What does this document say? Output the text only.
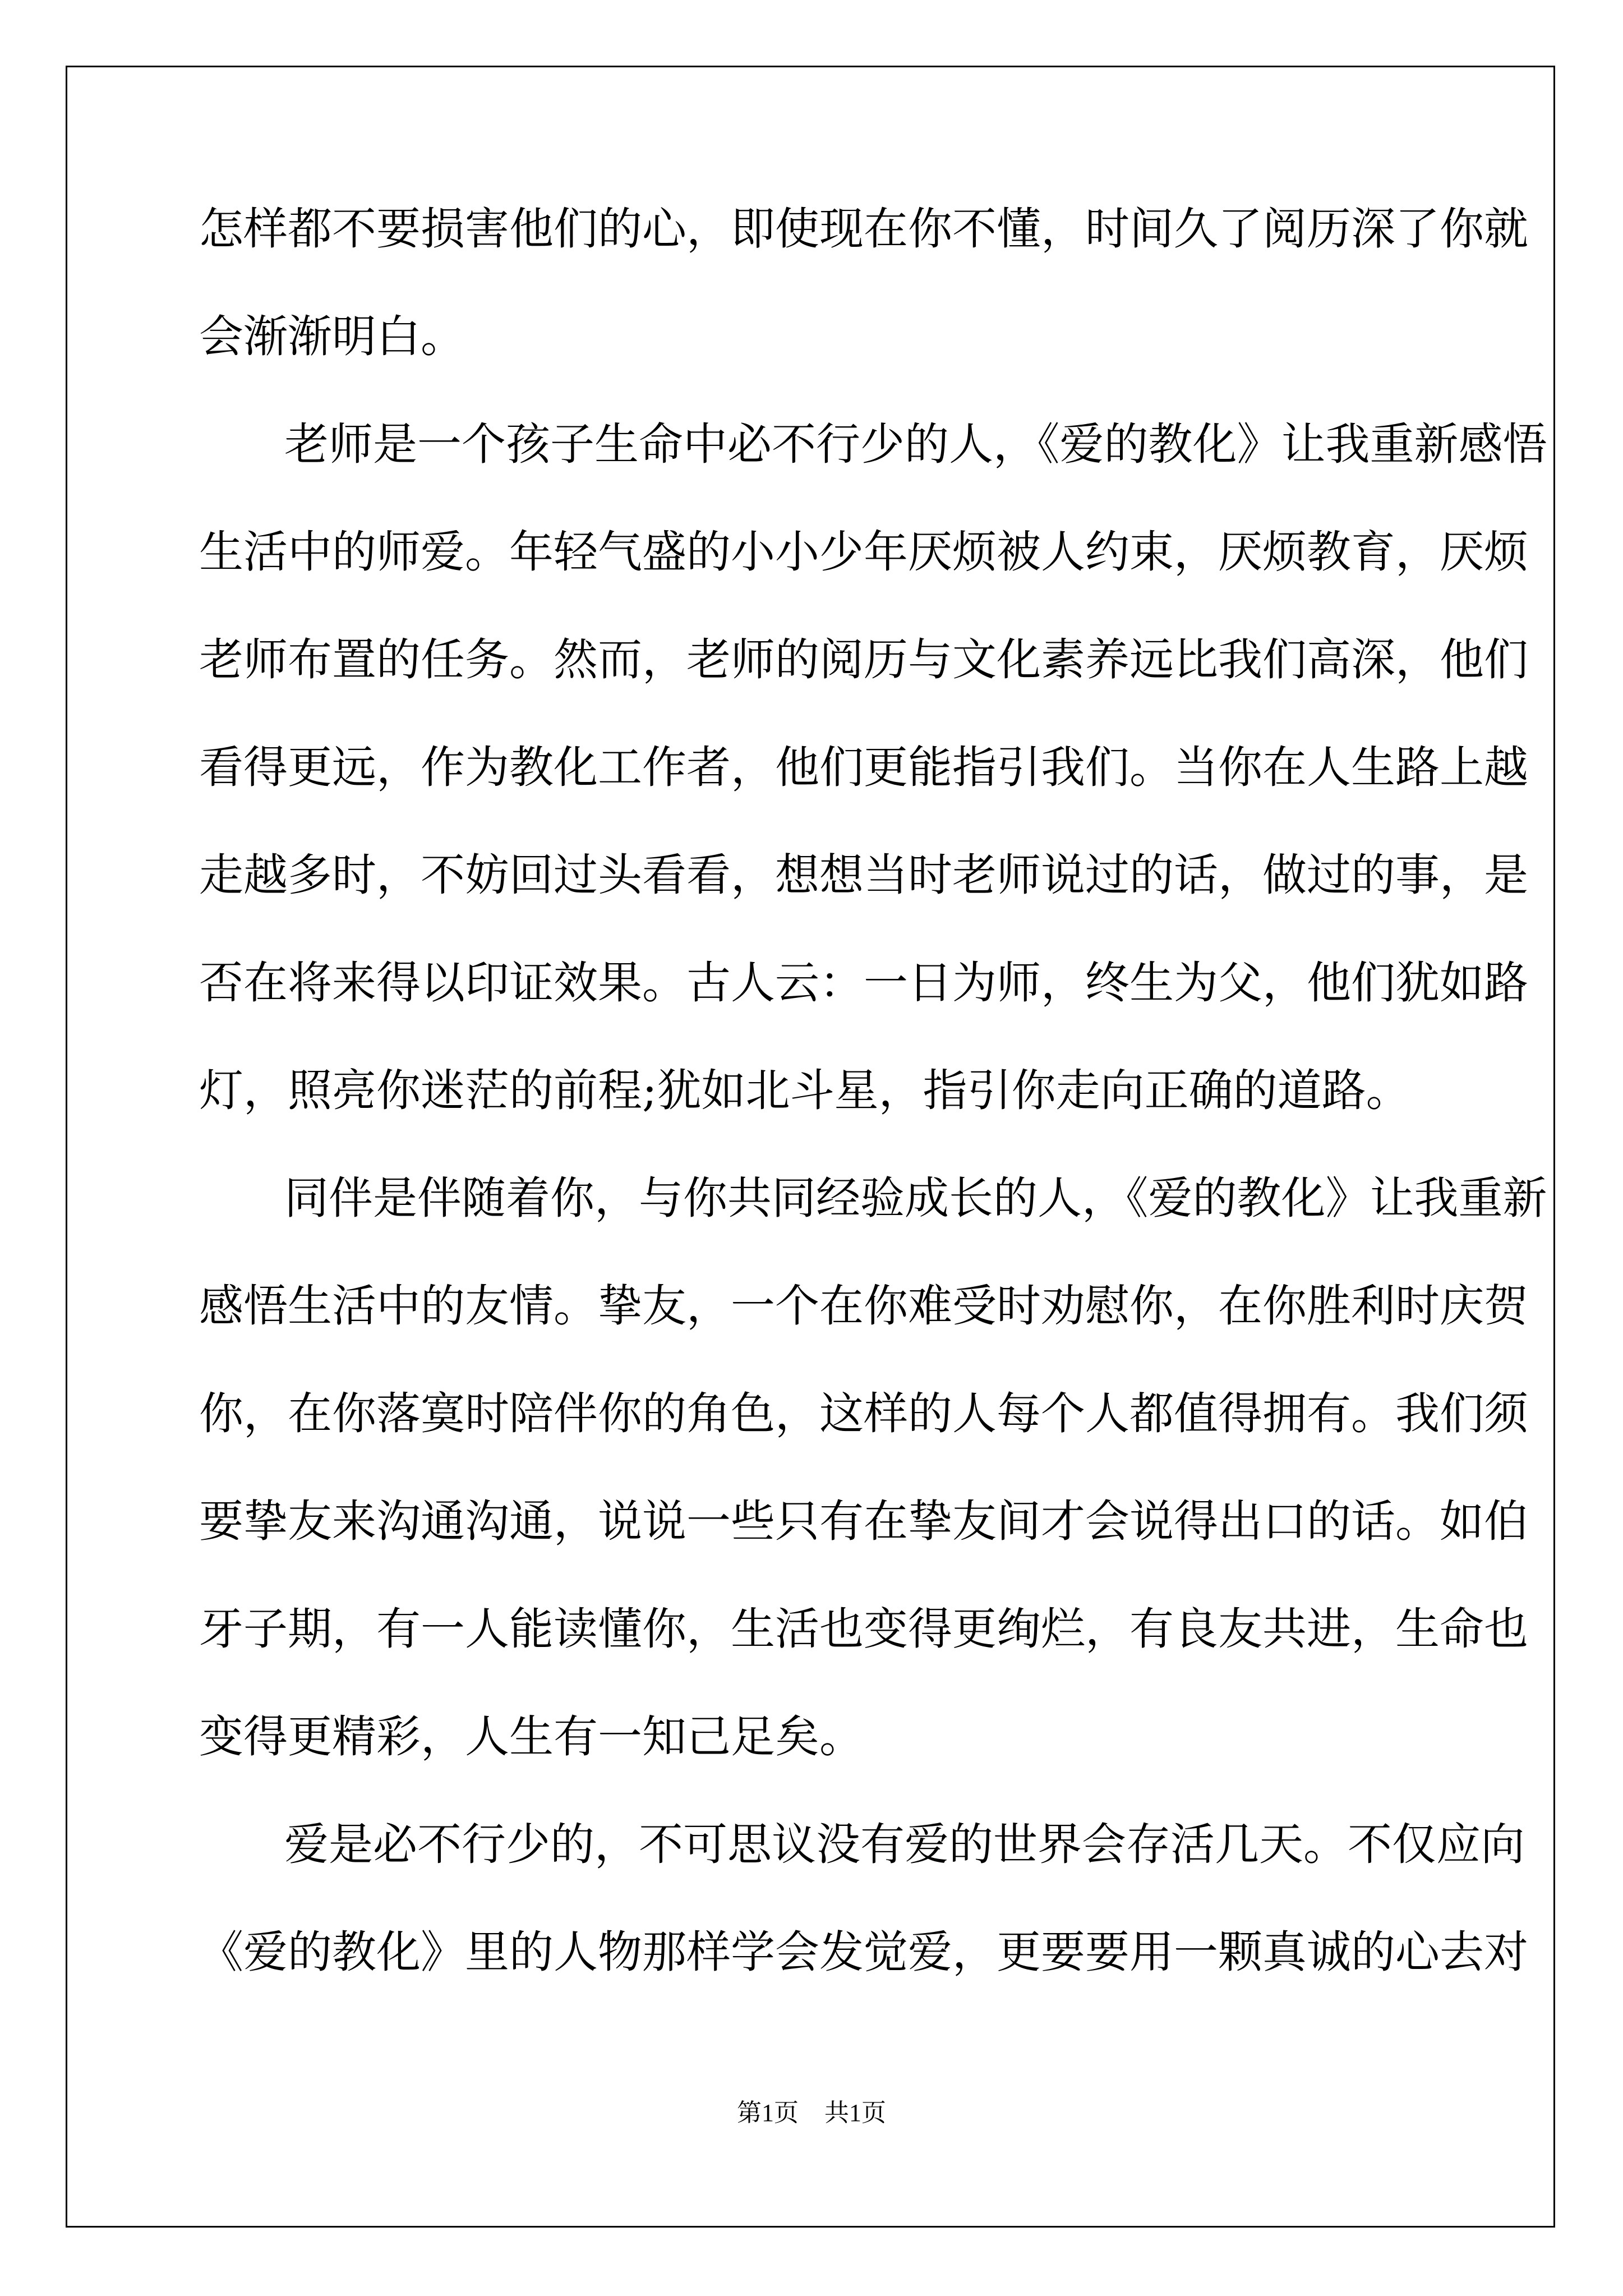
怎样都不要损害他们的心，即使现在你不懂，时间久了阅历深了你就
会渐渐明白。
老师是一个孩子生命中必不行少的人，《爱的教化》让我重新感悟
生活中的师爱。年轻气盛的小小少年厌烦被人约束，厌烦教育，厌烦
老师布置的任务。然而，老师的阅历与文化素养远比我们高深，他们
看得更远，作为教化工作者，他们更能指引我们。当你在人生路上越
走越多时，不妨回过头看看，想想当时老师说过的话，做过的事，是
否在将来得以印证效果。古人云：一日为师，终生为父，他们犹如路
灯，照亮你迷茫的前程;犹如北斗星，指引你走向正确的道路。
同伴是伴随着你，与你共同经验成长的人，《爱的教化》让我重新
感悟生活中的友情。挚友，一个在你难受时劝慰你，在你胜利时庆贺
你，在你落寞时陪伴你的角色，这样的人每个人都值得拥有。我们须
要挚友来沟通沟通，说说一些只有在挚友间才会说得出口的话。如伯
牙子期，有一人能读懂你，生活也变得更绚烂，有良友共进，生命也
变得更精彩，人生有一知己足矣。
爱是必不行少的，不可思议没有爱的世界会存活几天。不仅应向
《爱的教化》里的人物那样学会发觉爱，更要要用一颗真诚的心去对
第1页 共1页
